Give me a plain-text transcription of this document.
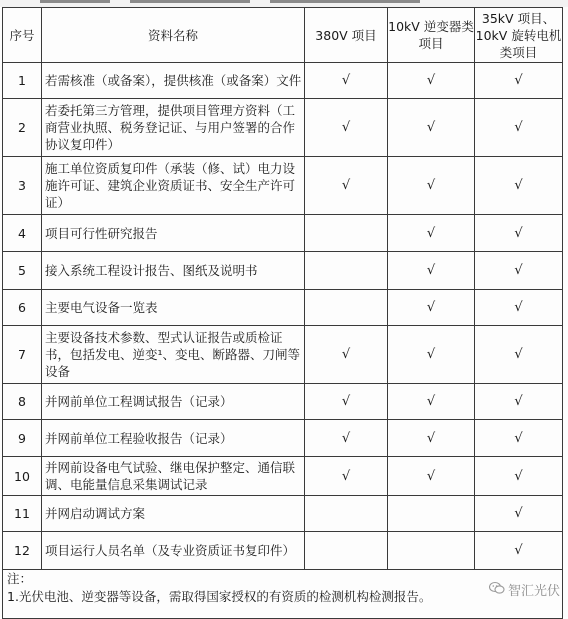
序号	资料名称	380V 项目	10kV 逆变器类项目	35kV 项目、10kV 旋转电机类项目
1	若需核准（或备案），提供核准（或备案）文件	√	√	√
2	若委托第三方管理，提供项目管理方资料（工商营业执照、税务登记证、与用户签署的合作协议复印件）	√	√	√
3	施工单位资质复印件（承装（修、试）电力设施许可证、建筑企业资质证书、安全生产许可证）	√	√	√
4	项目可行性研究报告		√	√
5	接入系统工程设计报告、图纸及说明书		√	√
6	主要电气设备一览表		√	√
7	主要设备技术参数、型式认证报告或质检证书，包括发电、逆变¹、变电、断路器、刀闸等设备	√	√	√
8	并网前单位工程调试报告（记录）	√	√	√
9	并网前单位工程验收报告（记录）	√	√	√
10	并网前设备电气试验、继电保护整定、通信联调、电能量信息采集调试记录	√	√	√
11	并网启动调试方案			√
12	项目运行人员名单（及专业资质证书复印件）			√

注：
1.光伏电池、逆变器等设备，需取得国家授权的有资质的检测机构检测报告。					智汇光伏
